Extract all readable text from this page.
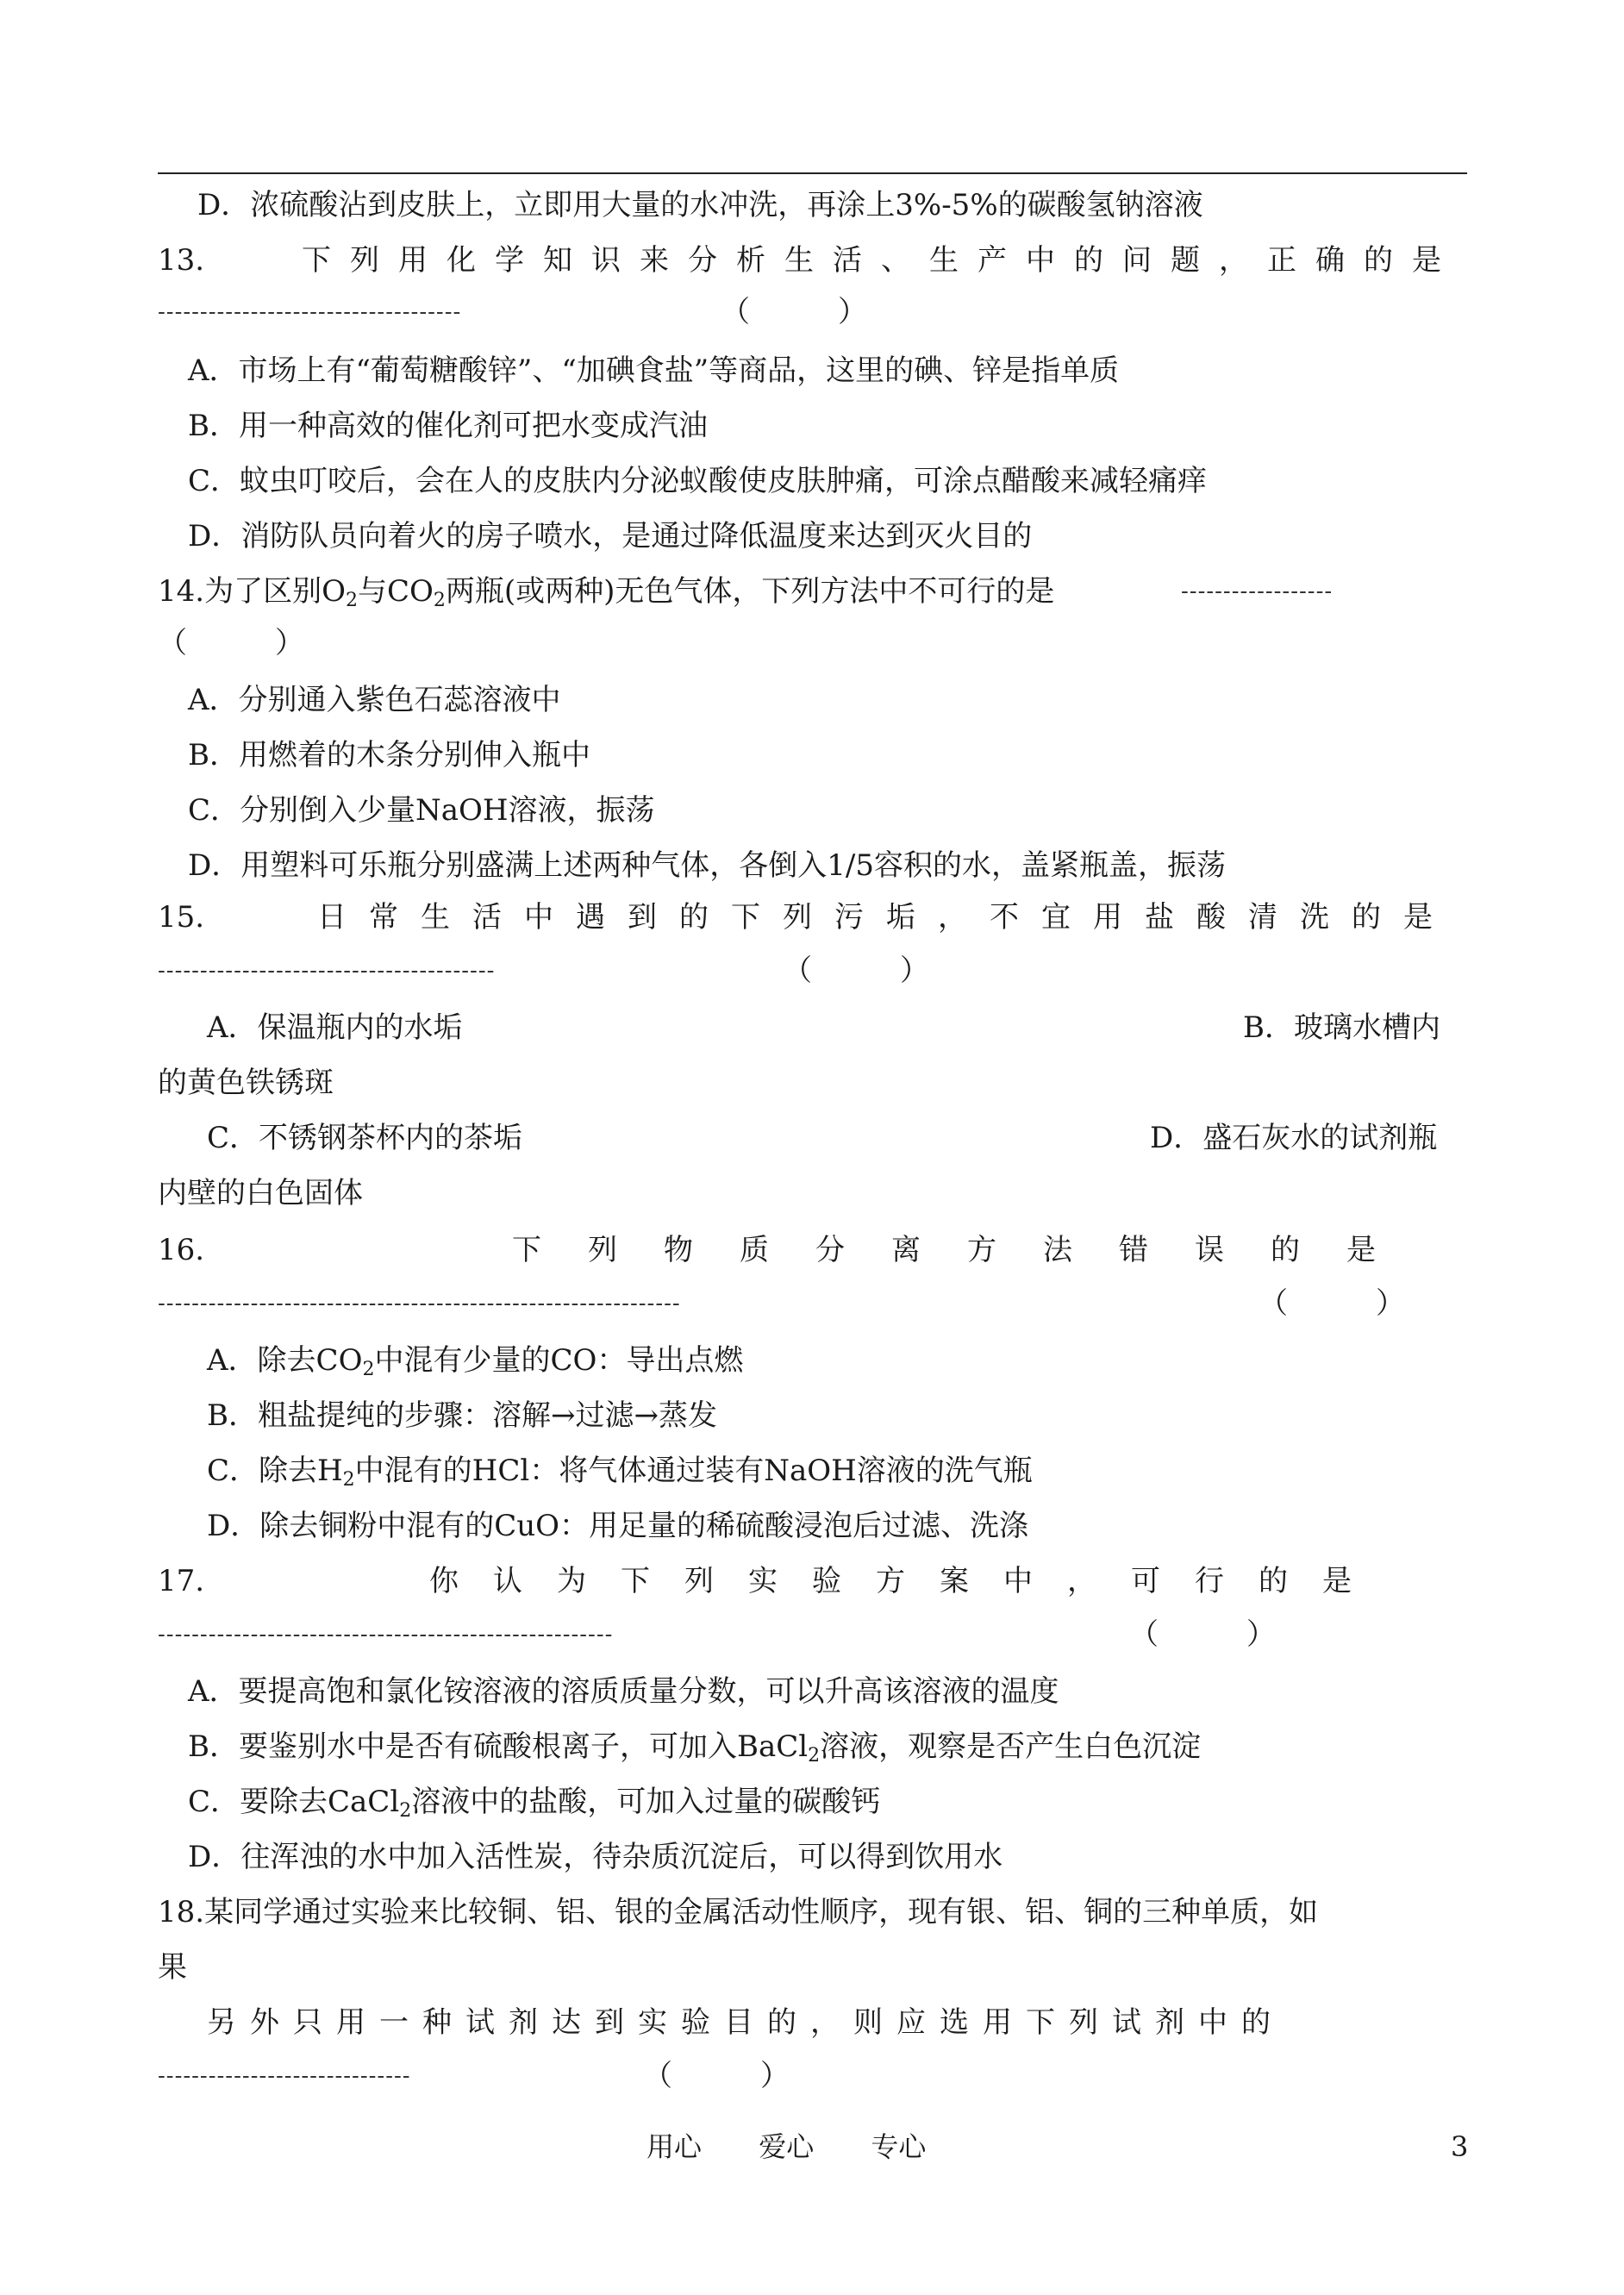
D．浓硫酸沾到皮肤上，立即用大量的水冲洗，再涂上3%-5%的碳酸氢钠溶液
13.	下列用化学知识来分析生活、生产中的问题，正确的是
------------------------------------	（　　　）
A．市场上有“葡萄糖酸锌”、“加碘食盐”等商品，这里的碘、锌是指单质
B．用一种高效的催化剂可把水变成汽油
C．蚊虫叮咬后，会在人的皮肤内分泌蚁酸使皮肤肿痛，可涂点醋酸来减轻痛痒
D．消防队员向着火的房子喷水，是通过降低温度来达到灭火目的
14.为了区别$O_2$与$CO_2$两瓶(或两种)无色气体，下列方法中不可行的是	------------------
（　　　）
A．分别通入紫色石蕊溶液中
B．用燃着的木条分别伸入瓶中
C．分别倒入少量NaOH溶液，振荡
D．用塑料可乐瓶分别盛满上述两种气体，各倒入1/5容积的水，盖紧瓶盖，振荡
15.	日常生活中遇到的下列污垢，不宜用盐酸清洗的是
----------------------------------------	（　　　）
A．保温瓶内的水垢	B．玻璃水槽内
的黄色铁锈斑
C．不锈钢茶杯内的茶垢	D．盛石灰水的试剂瓶
内壁的白色固体
16.	下列物质分离方法错误的是
--------------------------------------------------------------	（　　　）
A．除去$CO_2$中混有少量的CO：导出点燃
B．粗盐提纯的步骤：溶解→过滤→蒸发
C．除去$H_2$中混有的HCl：将气体通过装有NaOH溶液的洗气瓶
D．除去铜粉中混有的CuO：用足量的稀硫酸浸泡后过滤、洗涤
17.	你认为下列实验方案中，可行的是
------------------------------------------------------	（　　　）
A．要提高饱和氯化铵溶液的溶质质量分数，可以升高该溶液的温度
B．要鉴别水中是否有硫酸根离子，可加入BaCl$_2$溶液，观察是否产生白色沉淀
C．要除去CaCl$_2$溶液中的盐酸，可加入过量的碳酸钙
D．往浑浊的水中加入活性炭，待杂质沉淀后，可以得到饮用水
18.某同学通过实验来比较铜、铝、银的金属活动性顺序，现有银、铝、铜的三种单质，如
果
另外只用一种试剂达到实验目的，则应选用下列试剂中的
------------------------------	（　　　）
用心 爱心 专心	3
